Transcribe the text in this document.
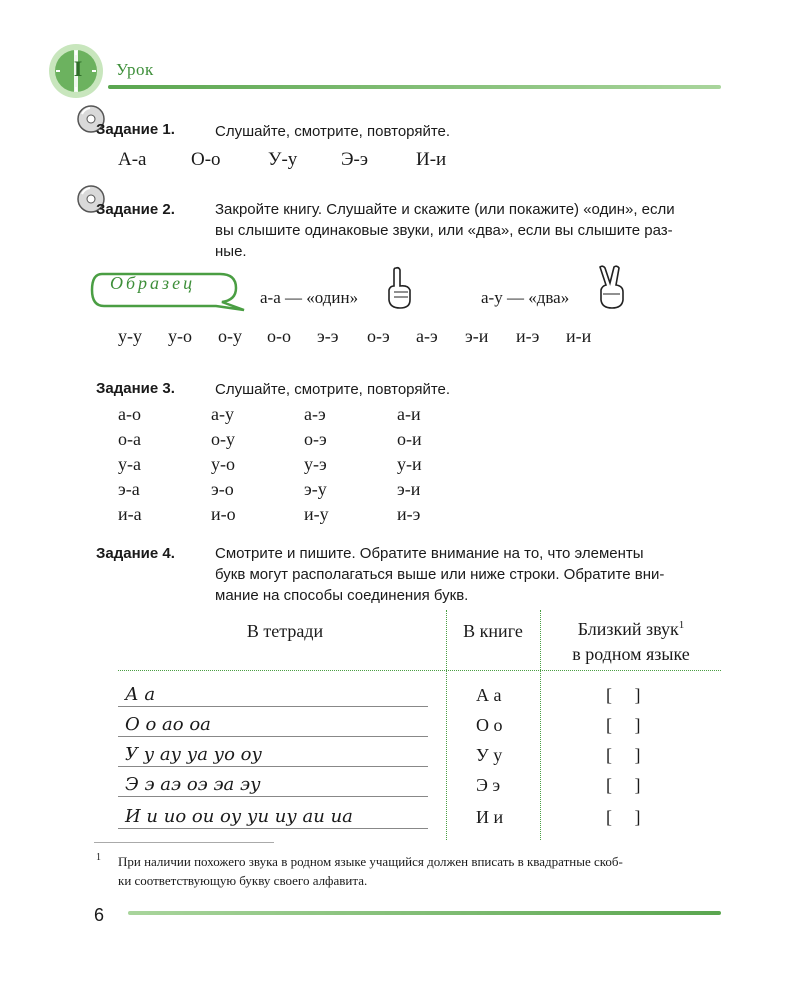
I Урок
Задание 1.	Слушайте, смотрите, повторяйте.
А-а О-о У-у Э-э	И-и
Задание 2.	Закройте книгу. Слушайте и скажите (или покажите) «один», если
вы слышите одинаковые звуки, или «два», если вы слышите раз-
ные.
Образец
а-а — «один»	а-у — «два»
у-у у-о о-у о-о э-э о-э а-э э-и и-э и-и
Задание 3.	Слушайте, смотрите, повторяйте.
а-о	а-у	а-э	а-и
о-а	о-у	о-э	о-и
у-а	у-о	у-э	у-и
э-а	э-о	э-у	э-и
и-а	и-о	и-у	и-э
Задание 4.	Смотрите и пишите. Обратите внимание на то, что элементы
букв могут располагаться выше или ниже строки. Обратите вни-
мание на способы соединения букв.
В тетради	В книге	Близкий звук$^1$
в родном языке
А а	А а	[     ]
О о ао оа	О о	[     ]
У у ау уа уо оу	У у	[     ]
Э э аэ оэ эа эу	Э э	[     ]
И и ио ои оу уи иу аи иа	И и	[     ]
1 При наличии похожего звука в родном языке учащийся должен вписать в квадратные скоб-
ки соответствующую букву своего алфавита.
6
